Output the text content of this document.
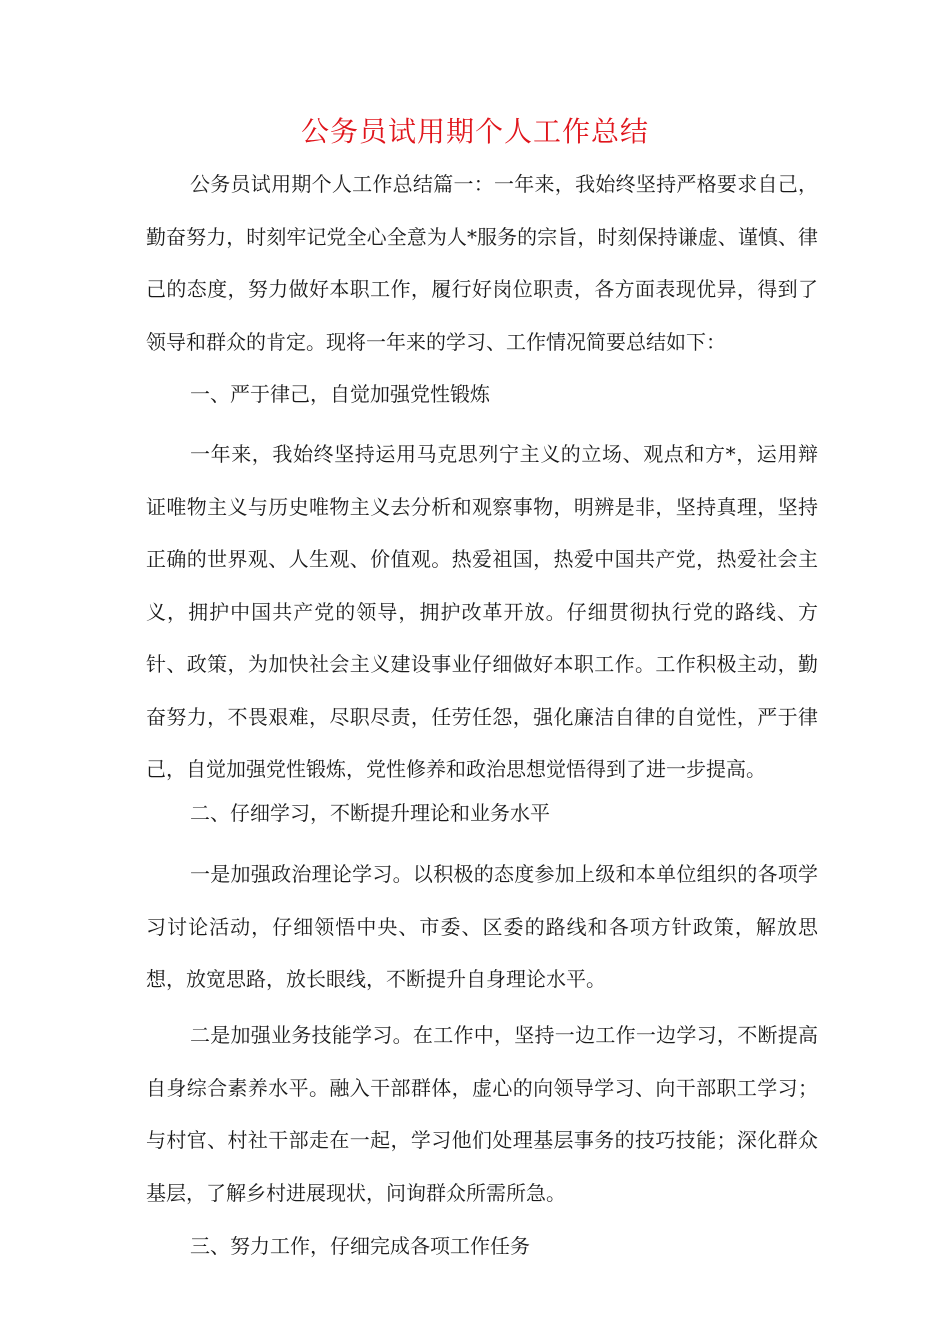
公务员试用期个人工作总结

公务员试用期个人工作总结篇一：一年来，我始终坚持严格要求自己，勤奋努力，时刻牢记党全心全意为人*服务的宗旨，时刻保持谦虚、谨慎、律己的态度，努力做好本职工作，履行好岗位职责，各方面表现优异，得到了领导和群众的肯定。现将一年来的学习、工作情况简要总结如下：

一、严于律己，自觉加强党性锻炼

一年来，我始终坚持运用马克思列宁主义的立场、观点和方*，运用辩证唯物主义与历史唯物主义去分析和观察事物，明辨是非，坚持真理，坚持正确的世界观、人生观、价值观。热爱祖国，热爱中国共产党，热爱社会主义，拥护中国共产党的领导，拥护改革开放。仔细贯彻执行党的路线、方针、政策，为加快社会主义建设事业仔细做好本职工作。工作积极主动，勤奋努力，不畏艰难，尽职尽责，任劳任怨，强化廉洁自律的自觉性，严于律己，自觉加强党性锻炼，党性修养和政治思想觉悟得到了进一步提高。

二、仔细学习，不断提升理论和业务水平

一是加强政治理论学习。以积极的态度参加上级和本单位组织的各项学习讨论活动，仔细领悟中央、市委、区委的路线和各项方针政策，解放思想，放宽思路，放长眼线，不断提升自身理论水平。

二是加强业务技能学习。在工作中，坚持一边工作一边学习，不断提高自身综合素养水平。融入干部群体，虚心的向领导学习、向干部职工学习；与村官、村社干部走在一起，学习他们处理基层事务的技巧技能；深化群众基层，了解乡村进展现状，问询群众所需所急。

三、努力工作，仔细完成各项工作任务
